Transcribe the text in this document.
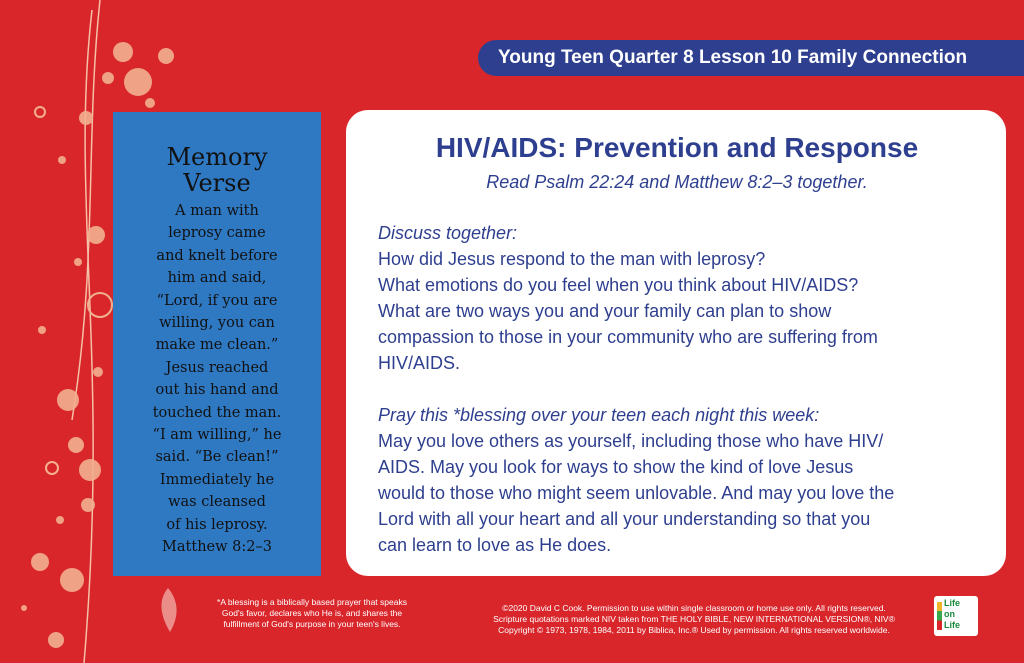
Young Teen Quarter 8 Lesson 10 Family Connection
Memory
Verse
A man with
leprosy came
and knelt before
him and said,
“Lord, if you are
willing, you can
make me clean.”
Jesus reached
out his hand and
touched the man.
“I am willing,” he
said. “Be clean!”
Immediately he
was cleansed
of his leprosy.
Matthew 8:2–3
HIV/AIDS: Prevention and Response
Read Psalm 22:24 and Matthew 8:2–3 together.
Discuss together:
How did Jesus respond to the man with leprosy?
What emotions do you feel when you think about HIV/AIDS?
What are two ways you and your family can plan to show
compassion to those in your community who are suffering from
HIV/AIDS.
Pray this *blessing over your teen each night this week:
May you love others as yourself, including those who have HIV/
AIDS. May you look for ways to show the kind of love Jesus
would to those who might seem unlovable. And may you love the
Lord with all your heart and all your understanding so that you
can learn to love as He does.
*A blessing is a biblically based prayer that speaks
God's favor, declares who He is, and shares the
fulfillment of God's purpose in your teen's lives.
©2020 David C Cook. Permission to use within single classroom or home use only. All rights reserved.
Scripture quotations marked NIV taken from THE HOLY BIBLE, NEW INTERNATIONAL VERSION®, NIV®
Copyright © 1973, 1978, 1984, 2011 by Biblica, Inc.® Used by permission. All rights reserved worldwide.
Life
on
Life
